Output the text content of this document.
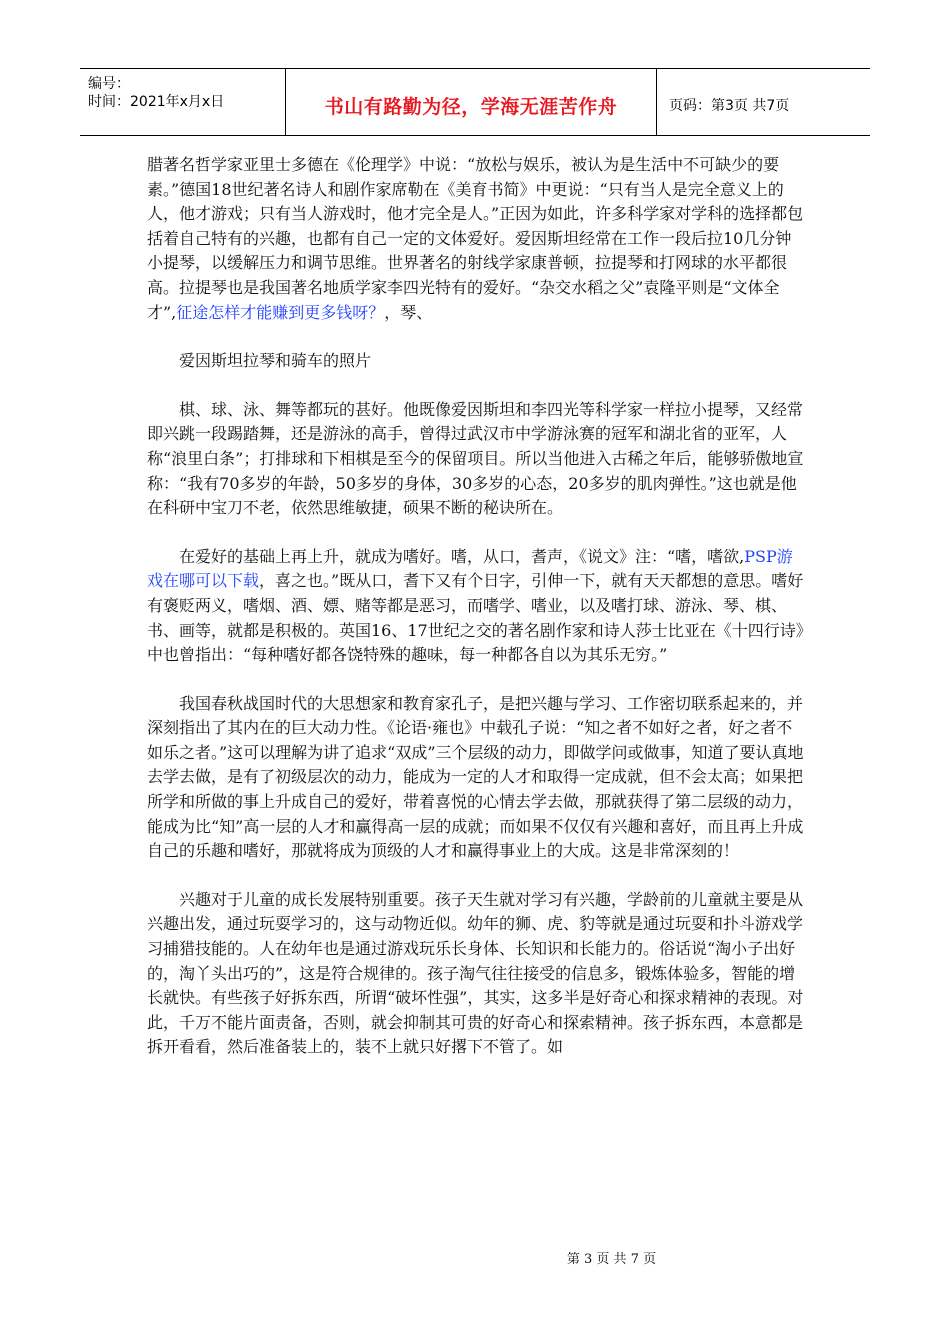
编号：
时间：2021年x月x日	书山有路勤为径，学海无涯苦作舟	页码：第3页 共7页

腊著名哲学家亚里士多德在《伦理学》中说：“放松与娱乐，被认为是生活中不可缺少的要素。”德国18世纪著名诗人和剧作家席勒在《美育书简》中更说：“只有当人是完全意义上的人，他才游戏；只有当人游戏时，他才完全是人。”正因为如此，许多科学家对学科的选择都包括着自己特有的兴趣，也都有自己一定的文体爱好。爱因斯坦经常在工作一段后拉10几分钟小提琴，以缓解压力和调节思维。世界著名的射线学家康普顿，拉提琴和打网球的水平都很高。拉提琴也是我国著名地质学家李四光特有的爱好。“杂交水稻之父”袁隆平则是“文体全才”,征途怎样才能赚到更多钱呀？，琴、

爱因斯坦拉琴和骑车的照片

棋、球、泳、舞等都玩的甚好。他既像爱因斯坦和李四光等科学家一样拉小提琴，又经常即兴跳一段踢踏舞，还是游泳的高手，曾得过武汉市中学游泳赛的冠军和湖北省的亚军，人称“浪里白条”；打排球和下相棋是至今的保留项目。所以当他进入古稀之年后，能够骄傲地宣称：“我有70多岁的年龄，50多岁的身体，30多岁的心态，20多岁的肌肉弹性。”这也就是他在科研中宝刀不老，依然思维敏捷，硕果不断的秘诀所在。

在爱好的基础上再上升，就成为嗜好。嗜，从口，耆声，《说文》注：“嗜，嗜欲,PSP游戏在哪可以下载，喜之也。”既从口，耆下又有个日字，引伸一下，就有天天都想的意思。嗜好有褒贬两义，嗜烟、酒、嫖、赌等都是恶习，而嗜学、嗜业，以及嗜打球、游泳、琴、棋、书、画等，就都是积极的。英国16、17世纪之交的著名剧作家和诗人莎士比亚在《十四行诗》中也曾指出：“每种嗜好都各饶特殊的趣味，每一种都各自以为其乐无穷。”

我国春秋战国时代的大思想家和教育家孔子，是把兴趣与学习、工作密切联系起来的，并深刻指出了其内在的巨大动力性。《论语·雍也》中载孔子说：“知之者不如好之者，好之者不如乐之者。”这可以理解为讲了追求“双成”三个层级的动力，即做学问或做事，知道了要认真地去学去做，是有了初级层次的动力，能成为一定的人才和取得一定成就，但不会太高；如果把所学和所做的事上升成自己的爱好，带着喜悦的心情去学去做，那就获得了第二层级的动力，能成为比“知”高一层的人才和赢得高一层的成就；而如果不仅仅有兴趣和喜好，而且再上升成自己的乐趣和嗜好，那就将成为顶级的人才和赢得事业上的大成。这是非常深刻的！

兴趣对于儿童的成长发展特别重要。孩子天生就对学习有兴趣，学龄前的儿童就主要是从兴趣出发，通过玩耍学习的，这与动物近似。幼年的狮、虎、豹等就是通过玩耍和扑斗游戏学习捕猎技能的。人在幼年也是通过游戏玩乐长身体、长知识和长能力的。俗话说“淘小子出好的，淘丫头出巧的”，这是符合规律的。孩子淘气往往接受的信息多，锻炼体验多，智能的增长就快。有些孩子好拆东西，所谓“破坏性强”，其实，这多半是好奇心和探求精神的表现。对此，千万不能片面责备，否则，就会抑制其可贵的好奇心和探索精神。孩子拆东西，本意都是拆开看看，然后准备装上的，装不上就只好撂下不管了。如

第 3 页 共 7 页
